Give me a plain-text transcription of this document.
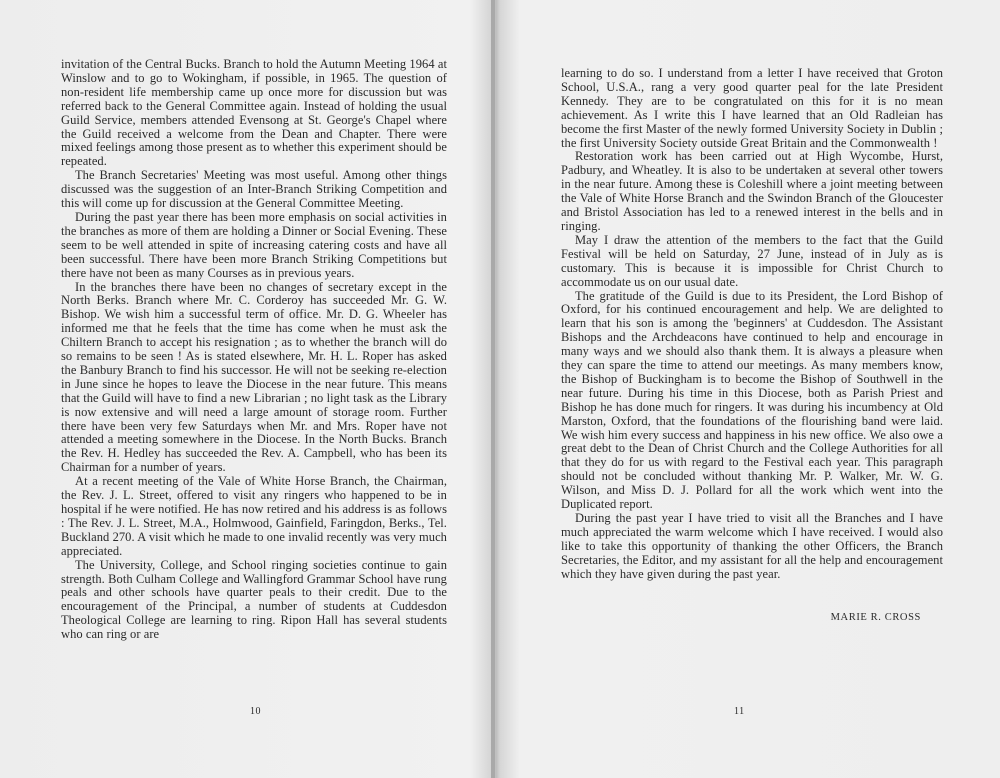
invitation of the Central Bucks. Branch to hold the Autumn Meeting 1964 at Winslow and to go to Wokingham, if possible, in 1965. The question of non-resident life membership came up once more for discussion but was referred back to the General Committee again. Instead of holding the usual Guild Service, members attended Evensong at St. George's Chapel where the Guild received a welcome from the Dean and Chapter. There were mixed feelings among those present as to whether this experiment should be repeated.

The Branch Secretaries' Meeting was most useful. Among other things discussed was the suggestion of an Inter-Branch Striking Competition and this will come up for discussion at the General Committee Meeting.

During the past year there has been more emphasis on social activities in the branches as more of them are holding a Dinner or Social Evening. These seem to be well attended in spite of increasing catering costs and have all been successful. There have been more Branch Striking Competitions but there have not been as many Courses as in previous years.

In the branches there have been no changes of secretary except in the North Berks. Branch where Mr. C. Corderoy has succeeded Mr. G. W. Bishop. We wish him a successful term of office. Mr. D. G. Wheeler has informed me that he feels that the time has come when he must ask the Chiltern Branch to accept his resignation ; as to whether the branch will do so remains to be seen ! As is stated elsewhere, Mr. H. L. Roper has asked the Banbury Branch to find his successor. He will not be seeking re-election in June since he hopes to leave the Diocese in the near future. This means that the Guild will have to find a new Librarian ; no light task as the Library is now extensive and will need a large amount of storage room. Further there have been very few Saturdays when Mr. and Mrs. Roper have not attended a meeting somewhere in the Diocese. In the North Bucks. Branch the Rev. H. Hedley has succeeded the Rev. A. Campbell, who has been its Chairman for a number of years.

At a recent meeting of the Vale of White Horse Branch, the Chairman, the Rev. J. L. Street, offered to visit any ringers who happened to be in hospital if he were notified. He has now retired and his address is as follows : The Rev. J. L. Street, M.A., Holmwood, Gainfield, Faringdon, Berks., Tel. Buckland 270. A visit which he made to one invalid recently was very much appreciated.

The University, College, and School ringing societies continue to gain strength. Both Culham College and Wallingford Grammar School have rung peals and other schools have quarter peals to their credit. Due to the encouragement of the Principal, a number of students at Cuddesdon Theological College are learning to ring. Ripon Hall has several students who can ring or are

10

learning to do so. I understand from a letter I have received that Groton School, U.S.A., rang a very good quarter peal for the late President Kennedy. They are to be congratulated on this for it is no mean achievement. As I write this I have learned that an Old Radleian has become the first Master of the newly formed University Society in Dublin ; the first University Society outside Great Britain and the Commonwealth !

Restoration work has been carried out at High Wycombe, Hurst, Padbury, and Wheatley. It is also to be undertaken at several other towers in the near future. Among these is Coleshill where a joint meeting between the Vale of White Horse Branch and the Swindon Branch of the Gloucester and Bristol Association has led to a renewed interest in the bells and in ringing.

May I draw the attention of the members to the fact that the Guild Festival will be held on Saturday, 27 June, instead of in July as is customary. This is because it is impossible for Christ Church to accommodate us on our usual date.

The gratitude of the Guild is due to its President, the Lord Bishop of Oxford, for his continued encouragement and help. We are delighted to learn that his son is among the 'beginners' at Cuddesdon. The Assistant Bishops and the Archdeacons have continued to help and encourage in many ways and we should also thank them. It is always a pleasure when they can spare the time to attend our meetings. As many members know, the Bishop of Buckingham is to become the Bishop of Southwell in the near future. During his time in this Diocese, both as Parish Priest and Bishop he has done much for ringers. It was during his incumbency at Old Marston, Oxford, that the foundations of the flourishing band were laid. We wish him every success and happiness in his new office. We also owe a great debt to the Dean of Christ Church and the College Authorities for all that they do for us with regard to the Festival each year. This paragraph should not be concluded without thanking Mr. P. Walker, Mr. W. G. Wilson, and Miss D. J. Pollard for all the work which went into the Duplicated report.

During the past year I have tried to visit all the Branches and I have much appreciated the warm welcome which I have received. I would also like to take this opportunity of thanking the other Officers, the Branch Secretaries, the Editor, and my assistant for all the help and encouragement which they have given during the past year.

MARIE R. CROSS
11
